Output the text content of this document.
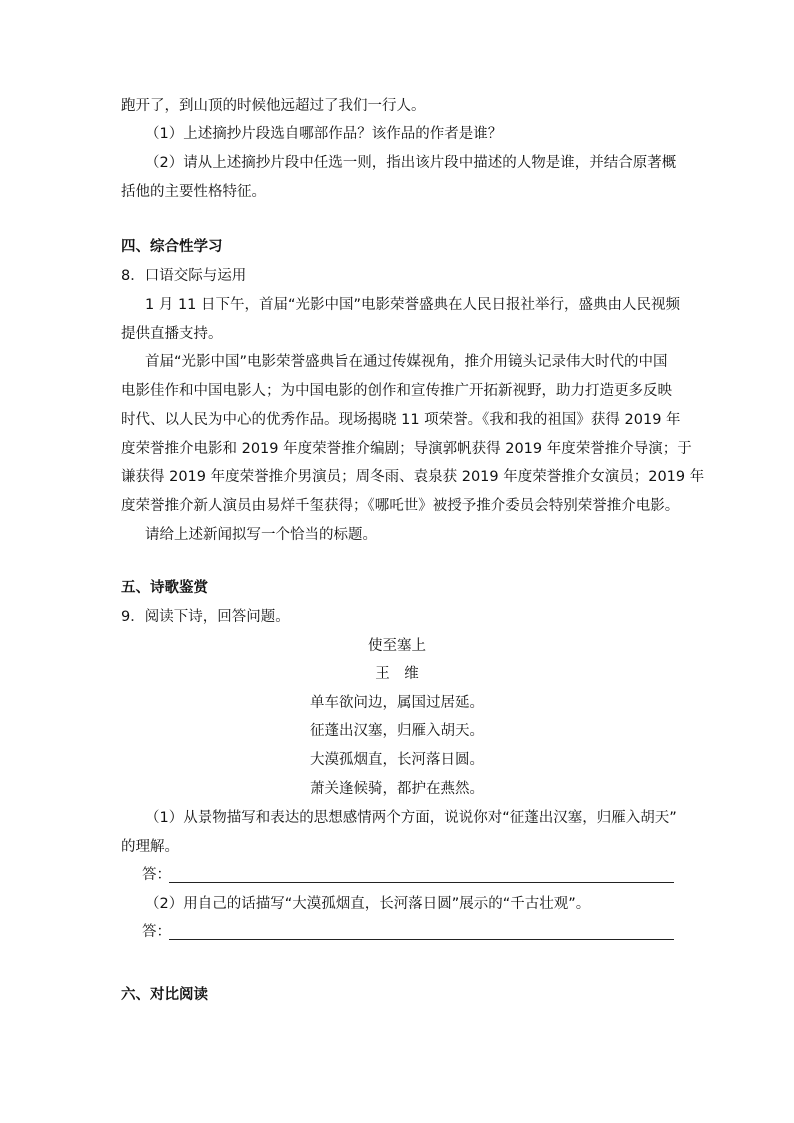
跑开了，到山顶的时候他远超过了我们一行人。
（1）上述摘抄片段选自哪部作品？该作品的作者是谁？
（2）请从上述摘抄片段中任选一则，指出该片段中描述的人物是谁，并结合原著概
括他的主要性格特征。
四、综合性学习
8．口语交际与运用
1 月 11 日下午，首届“光影中国”电影荣誉盛典在人民日报社举行，盛典由人民视频
提供直播支持。
首届“光影中国”电影荣誉盛典旨在通过传媒视角，推介用镜头记录伟大时代的中国
电影佳作和中国电影人；为中国电影的创作和宣传推广开拓新视野，助力打造更多反映
时代、以人民为中心的优秀作品。现场揭晓 11 项荣誉。《我和我的祖国》获得 2019 年
度荣誉推介电影和 2019 年度荣誉推介编剧；导演郭帆获得 2019 年度荣誉推介导演；于
谦获得 2019 年度荣誉推介男演员；周冬雨、袁泉获 2019 年度荣誉推介女演员；2019 年
度荣誉推介新人演员由易烊千玺获得；《哪吒世》被授予推介委员会特别荣誉推介电影。
请给上述新闻拟写一个恰当的标题。
五、诗歌鉴赏
9．阅读下诗，回答问题。
使至塞上
王　维
单车欲问边，属国过居延。
征蓬出汉塞，归雁入胡天。
大漠孤烟直，长河落日圆。
萧关逢候骑，都护在燕然。
（1）从景物描写和表达的思想感情两个方面，说说你对“征蓬出汉塞，归雁入胡天”
的理解。
答：
（2）用自己的话描写“大漠孤烟直，长河落日圆”展示的“千古壮观”。
答：
六、对比阅读
